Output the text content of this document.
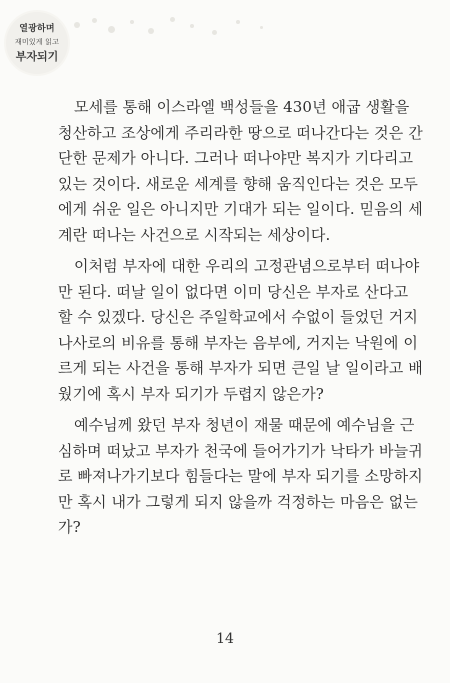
열광하며
재미있게 읽고
부자되기

모세를 통해 이스라엘 백성들을 430년 애굽 생활을
청산하고 조상에게 주리라한 땅으로 떠나간다는 것은 간
단한 문제가 아니다. 그러나 떠나야만 복지가 기다리고
있는 것이다. 새로운 세계를 향해 움직인다는 것은 모두
에게 쉬운 일은 아니지만 기대가 되는 일이다. 믿음의 세
계란 떠나는 사건으로 시작되는 세상이다.

이처럼 부자에 대한 우리의 고정관념으로부터 떠나야
만 된다. 떠날 일이 없다면 이미 당신은 부자로 산다고
할 수 있겠다. 당신은 주일학교에서 수없이 들었던 거지
나사로의 비유를 통해 부자는 음부에, 거지는 낙원에 이
르게 되는 사건을 통해 부자가 되면 큰일 날 일이라고 배
웠기에 혹시 부자 되기가 두렵지 않은가?

예수님께 왔던 부자 청년이 재물 때문에 예수님을 근
심하며 떠났고 부자가 천국에 들어가기가 낙타가 바늘귀
로 빠져나가기보다 힘들다는 말에 부자 되기를 소망하지
만 혹시 내가 그렇게 되지 않을까 걱정하는 마음은 없는
가?

14
